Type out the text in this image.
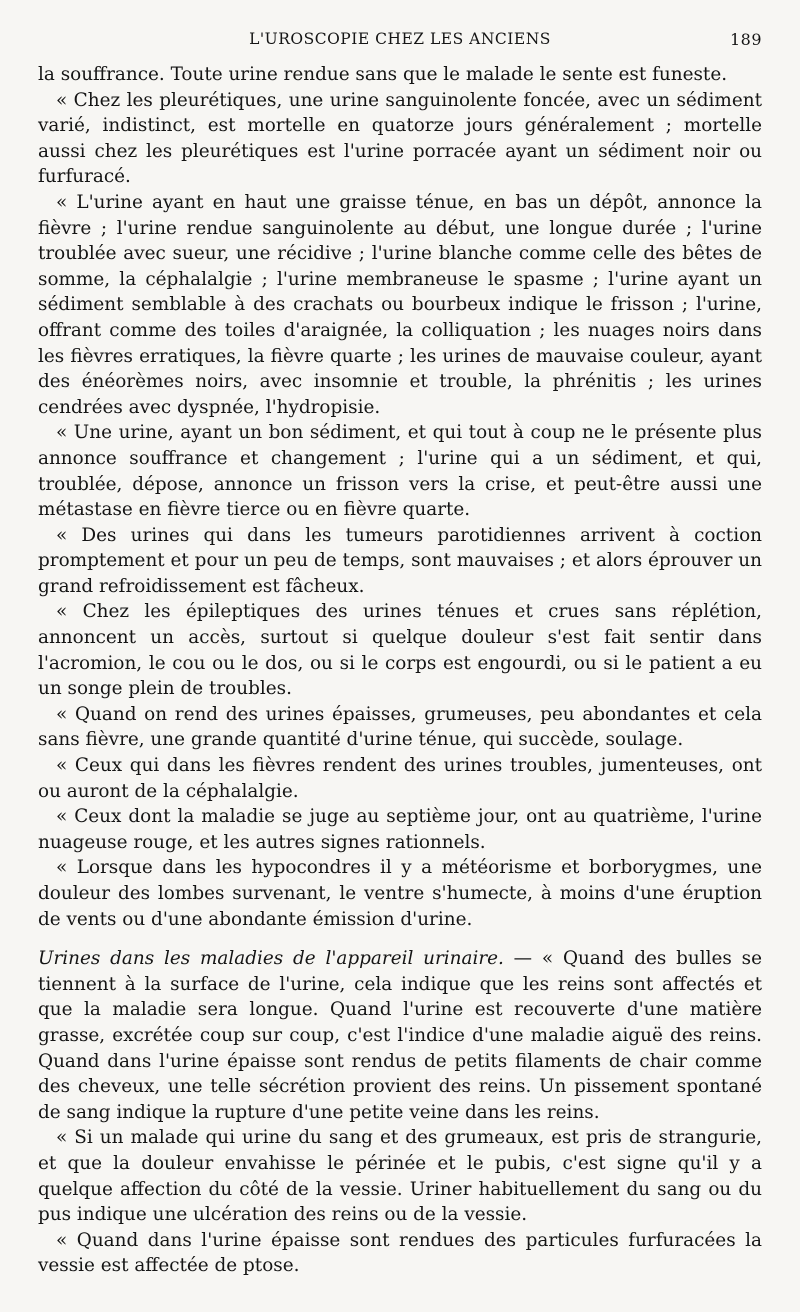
L'UROSCOPIE CHEZ LES ANCIENS	189

la souffrance. Toute urine rendue sans que le malade le sente est funeste.

« Chez les pleurétiques, une urine sanguinolente foncée, avec un sédiment varié, indistinct, est mortelle en quatorze jours généralement ; mortelle aussi chez les pleurétiques est l'urine porracée ayant un sédiment noir ou furfuracé.

« L'urine ayant en haut une graisse ténue, en bas un dépôt, annonce la fièvre ; l'urine rendue sanguinolente au début, une longue durée ; l'urine troublée avec sueur, une récidive ; l'urine blanche comme celle des bêtes de somme, la céphalalgie ; l'urine membraneuse le spasme ; l'urine ayant un sédiment semblable à des crachats ou bourbeux indique le frisson ; l'urine, offrant comme des toiles d'araignée, la colliquation ; les nuages noirs dans les fièvres erratiques, la fièvre quarte ; les urines de mauvaise couleur, ayant des énéorèmes noirs, avec insomnie et trouble, la phrénitis ; les urines cendrées avec dyspnée, l'hydropisie.

« Une urine, ayant un bon sédiment, et qui tout à coup ne le présente plus annonce souffrance et changement ; l'urine qui a un sédiment, et qui, troublée, dépose, annonce un frisson vers la crise, et peut-être aussi une métastase en fièvre tierce ou en fièvre quarte.

« Des urines qui dans les tumeurs parotidiennes arrivent à coction promptement et pour un peu de temps, sont mauvaises ; et alors éprouver un grand refroidissement est fâcheux.

« Chez les épileptiques des urines ténues et crues sans réplétion, annoncent un accès, surtout si quelque douleur s'est fait sentir dans l'acromion, le cou ou le dos, ou si le corps est engourdi, ou si le patient a eu un songe plein de troubles.

« Quand on rend des urines épaisses, grumeuses, peu abondantes et cela sans fièvre, une grande quantité d'urine ténue, qui succède, soulage.

« Ceux qui dans les fièvres rendent des urines troubles, jumenteuses, ont ou auront de la céphalalgie.

« Ceux dont la maladie se juge au septième jour, ont au quatrième, l'urine nuageuse rouge, et les autres signes rationnels.

« Lorsque dans les hypocondres il y a météorisme et borborygmes, une douleur des lombes survenant, le ventre s'humecte, à moins d'une éruption de vents ou d'une abondante émission d'urine.

Urines dans les maladies de l'appareil urinaire. — « Quand des bulles se tiennent à la surface de l'urine, cela indique que les reins sont affectés et que la maladie sera longue. Quand l'urine est recouverte d'une matière grasse, excrétée coup sur coup, c'est l'indice d'une maladie aiguë des reins. Quand dans l'urine épaisse sont rendus de petits filaments de chair comme des cheveux, une telle sécrétion provient des reins. Un pissement spontané de sang indique la rupture d'une petite veine dans les reins.

« Si un malade qui urine du sang et des grumeaux, est pris de strangurie, et que la douleur envahisse le périnée et le pubis, c'est signe qu'il y a quelque affection du côté de la vessie. Uriner habituellement du sang ou du pus indique une ulcération des reins ou de la vessie.

« Quand dans l'urine épaisse sont rendues des particules furfuracées la vessie est affectée de ptose.
